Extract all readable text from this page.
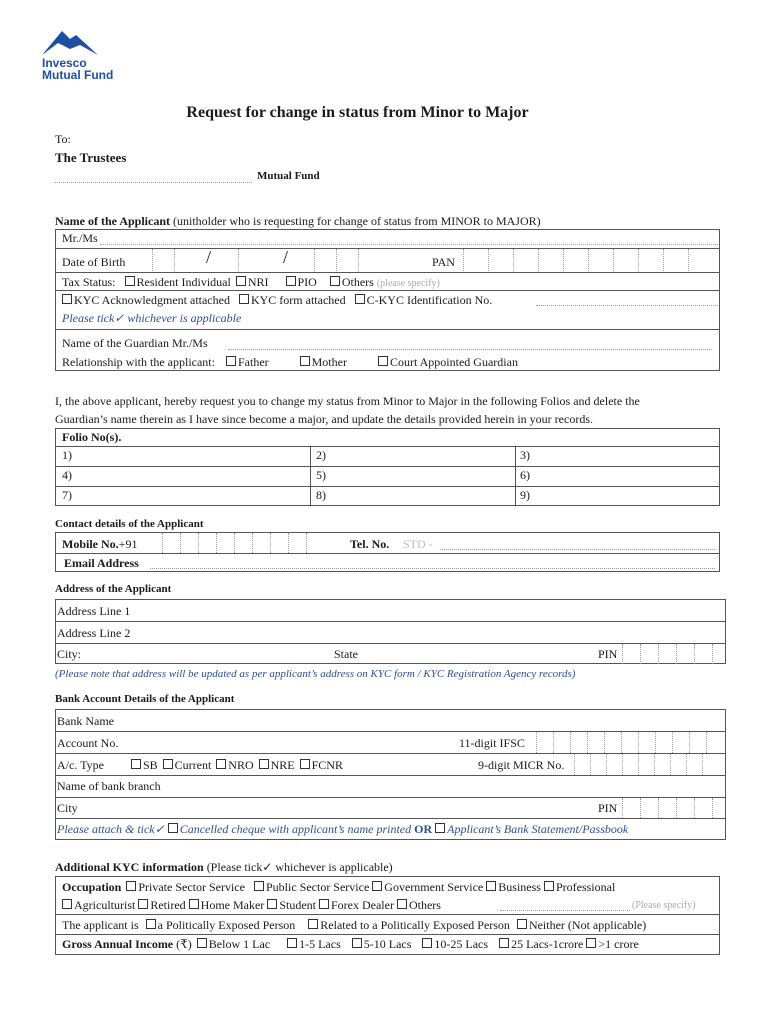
Invesco
Mutual Fund
Request for change in status from Minor to Major
To:
The Trustees
Mutual Fund
Name of the Applicant (unitholder who is requesting for change of status from MINOR to MAJOR)
Mr./Ms
Date of Birth	/	/	PAN
Tax Status: Resident Individual NRI PIO Others (please specify)
KYC Acknowledgment attached KYC form attached C-KYC Identification No.
Please tick✓ whichever is applicable
Name of the Guardian Mr./Ms
Relationship with the applicant: Father	Mother	Court Appointed Guardian
I, the above applicant, hereby request you to change my status from Minor to Major in the following Folios and delete the
Guardian’s name therein as I have since become a major, and update the details provided herein in your records.
Folio No(s).
1)	2)	3)
4)	5)	6)
7)	8)	9)
Contact details of the Applicant
Mobile No.+91	Tel. No. STD -
Email Address
Address of the Applicant
Address Line 1
Address Line 2
City:	State	PIN
(Please note that address will be updated as per applicant’s address on KYC form / KYC Registration Agency records)
Bank Account Details of the Applicant
Bank Name
Account No.	11-digit IFSC
A/c. Type	SB Current NRO NRE FCNR	9-digit MICR No.
Name of bank branch
City	PIN
Please attach & tick✓ Cancelled cheque with applicant’s name printed OR Applicant’s Bank Statement/Passbook
Additional KYC information (Please tick✓ whichever is applicable)
Occupation Private Sector Service Public Sector Service Government Service Business Professional
Agriculturist Retired Home Maker Student Forex Dealer Others	(Please specify)
The applicant is a Politically Exposed Person Related to a Politically Exposed Person Neither (Not applicable)
Gross Annual Income (₹) Below 1 Lac 1-5 Lacs 5-10 Lacs 10-25 Lacs 25 Lacs-1crore >1 crore
